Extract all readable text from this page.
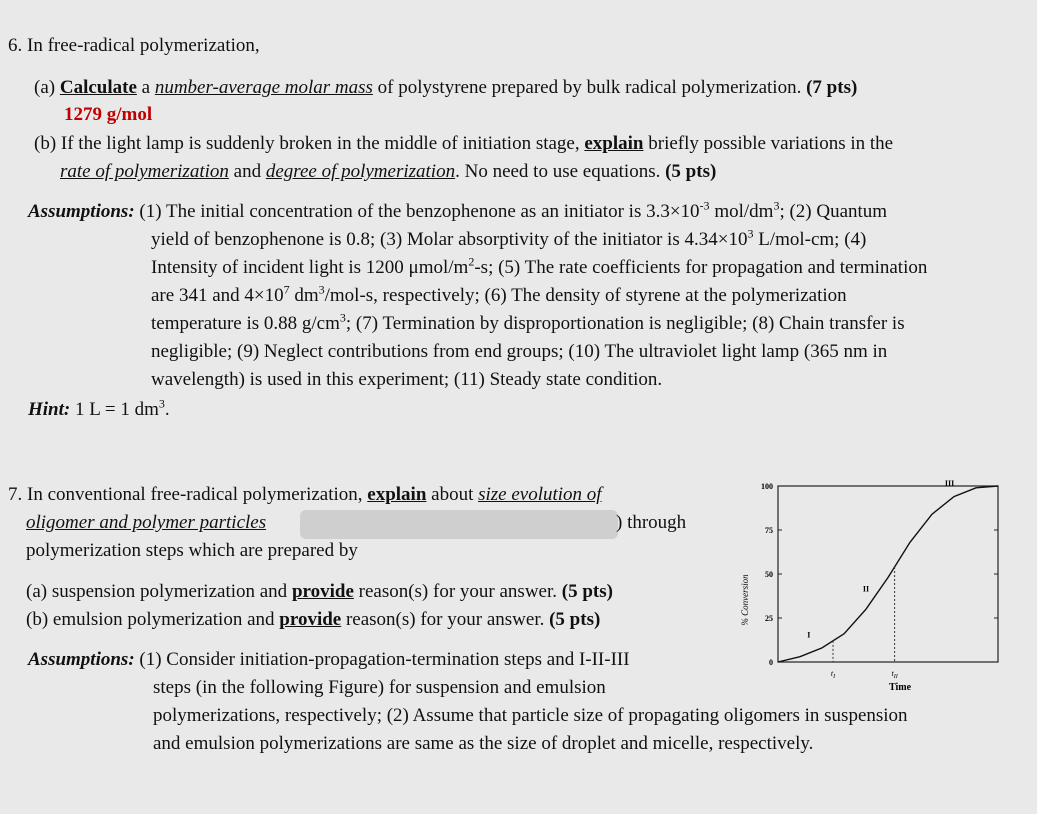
6. In free-radical polymerization,
(a) Calculate a number-average molar mass of polystyrene prepared by bulk radical polymerization. (7 pts)
1279 g/mol
(b) If the light lamp is suddenly broken in the middle of initiation stage, explain briefly possible variations in the
rate of polymerization and degree of polymerization. No need to use equations. (5 pts)
Assumptions: (1) The initial concentration of the benzophenone as an initiator is $3.3\times 10^{-3}$ mol/$dm^3$; (2) Quantum
yield of benzophenone is 0.8; (3) Molar absorptivity of the initiator is $4.34\times 10^3$ L/mol-cm; (4)
Intensity of incident light is 1200 μmol/$m^2-s$; (5) The rate coefficients for propagation and termination
are 341 and $4\times 10^7$ $dm^3/mol-s$, respectively; (6) The density of styrene at the polymerization
temperature is 0.88 $g/cm^3$; (7) Termination by disproportionation is negligible; (8) Chain transfer is
negligible; (9) Neglect contributions from end groups; (10) The ultraviolet light lamp (365 nm in
wavelength) is used in this experiment; (11) Steady state condition.
Hint: 1 L = 1 $dm^3$.
7. In conventional free-radical polymerization, explain about size evolution of
oligomer and polymer particles	) through
polymerization steps which are prepared by
(a) suspension polymerization and provide reason(s) for your answer. (5 pts)
(b) emulsion polymerization and provide reason(s) for your answer. (5 pts)
Assumptions: (1) Consider initiation-propagation-termination steps and I-II-III
steps (in the following Figure) for suspension and emulsion
polymerizations, respectively; (2) Assume that particle size of propagating oligomers in suspension
and emulsion polymerizations are same as the size of droplet and micelle, respectively.
0
25
50
75
100
$t_I$	$t_{II}$
I
II
III
% Conversion
Time
